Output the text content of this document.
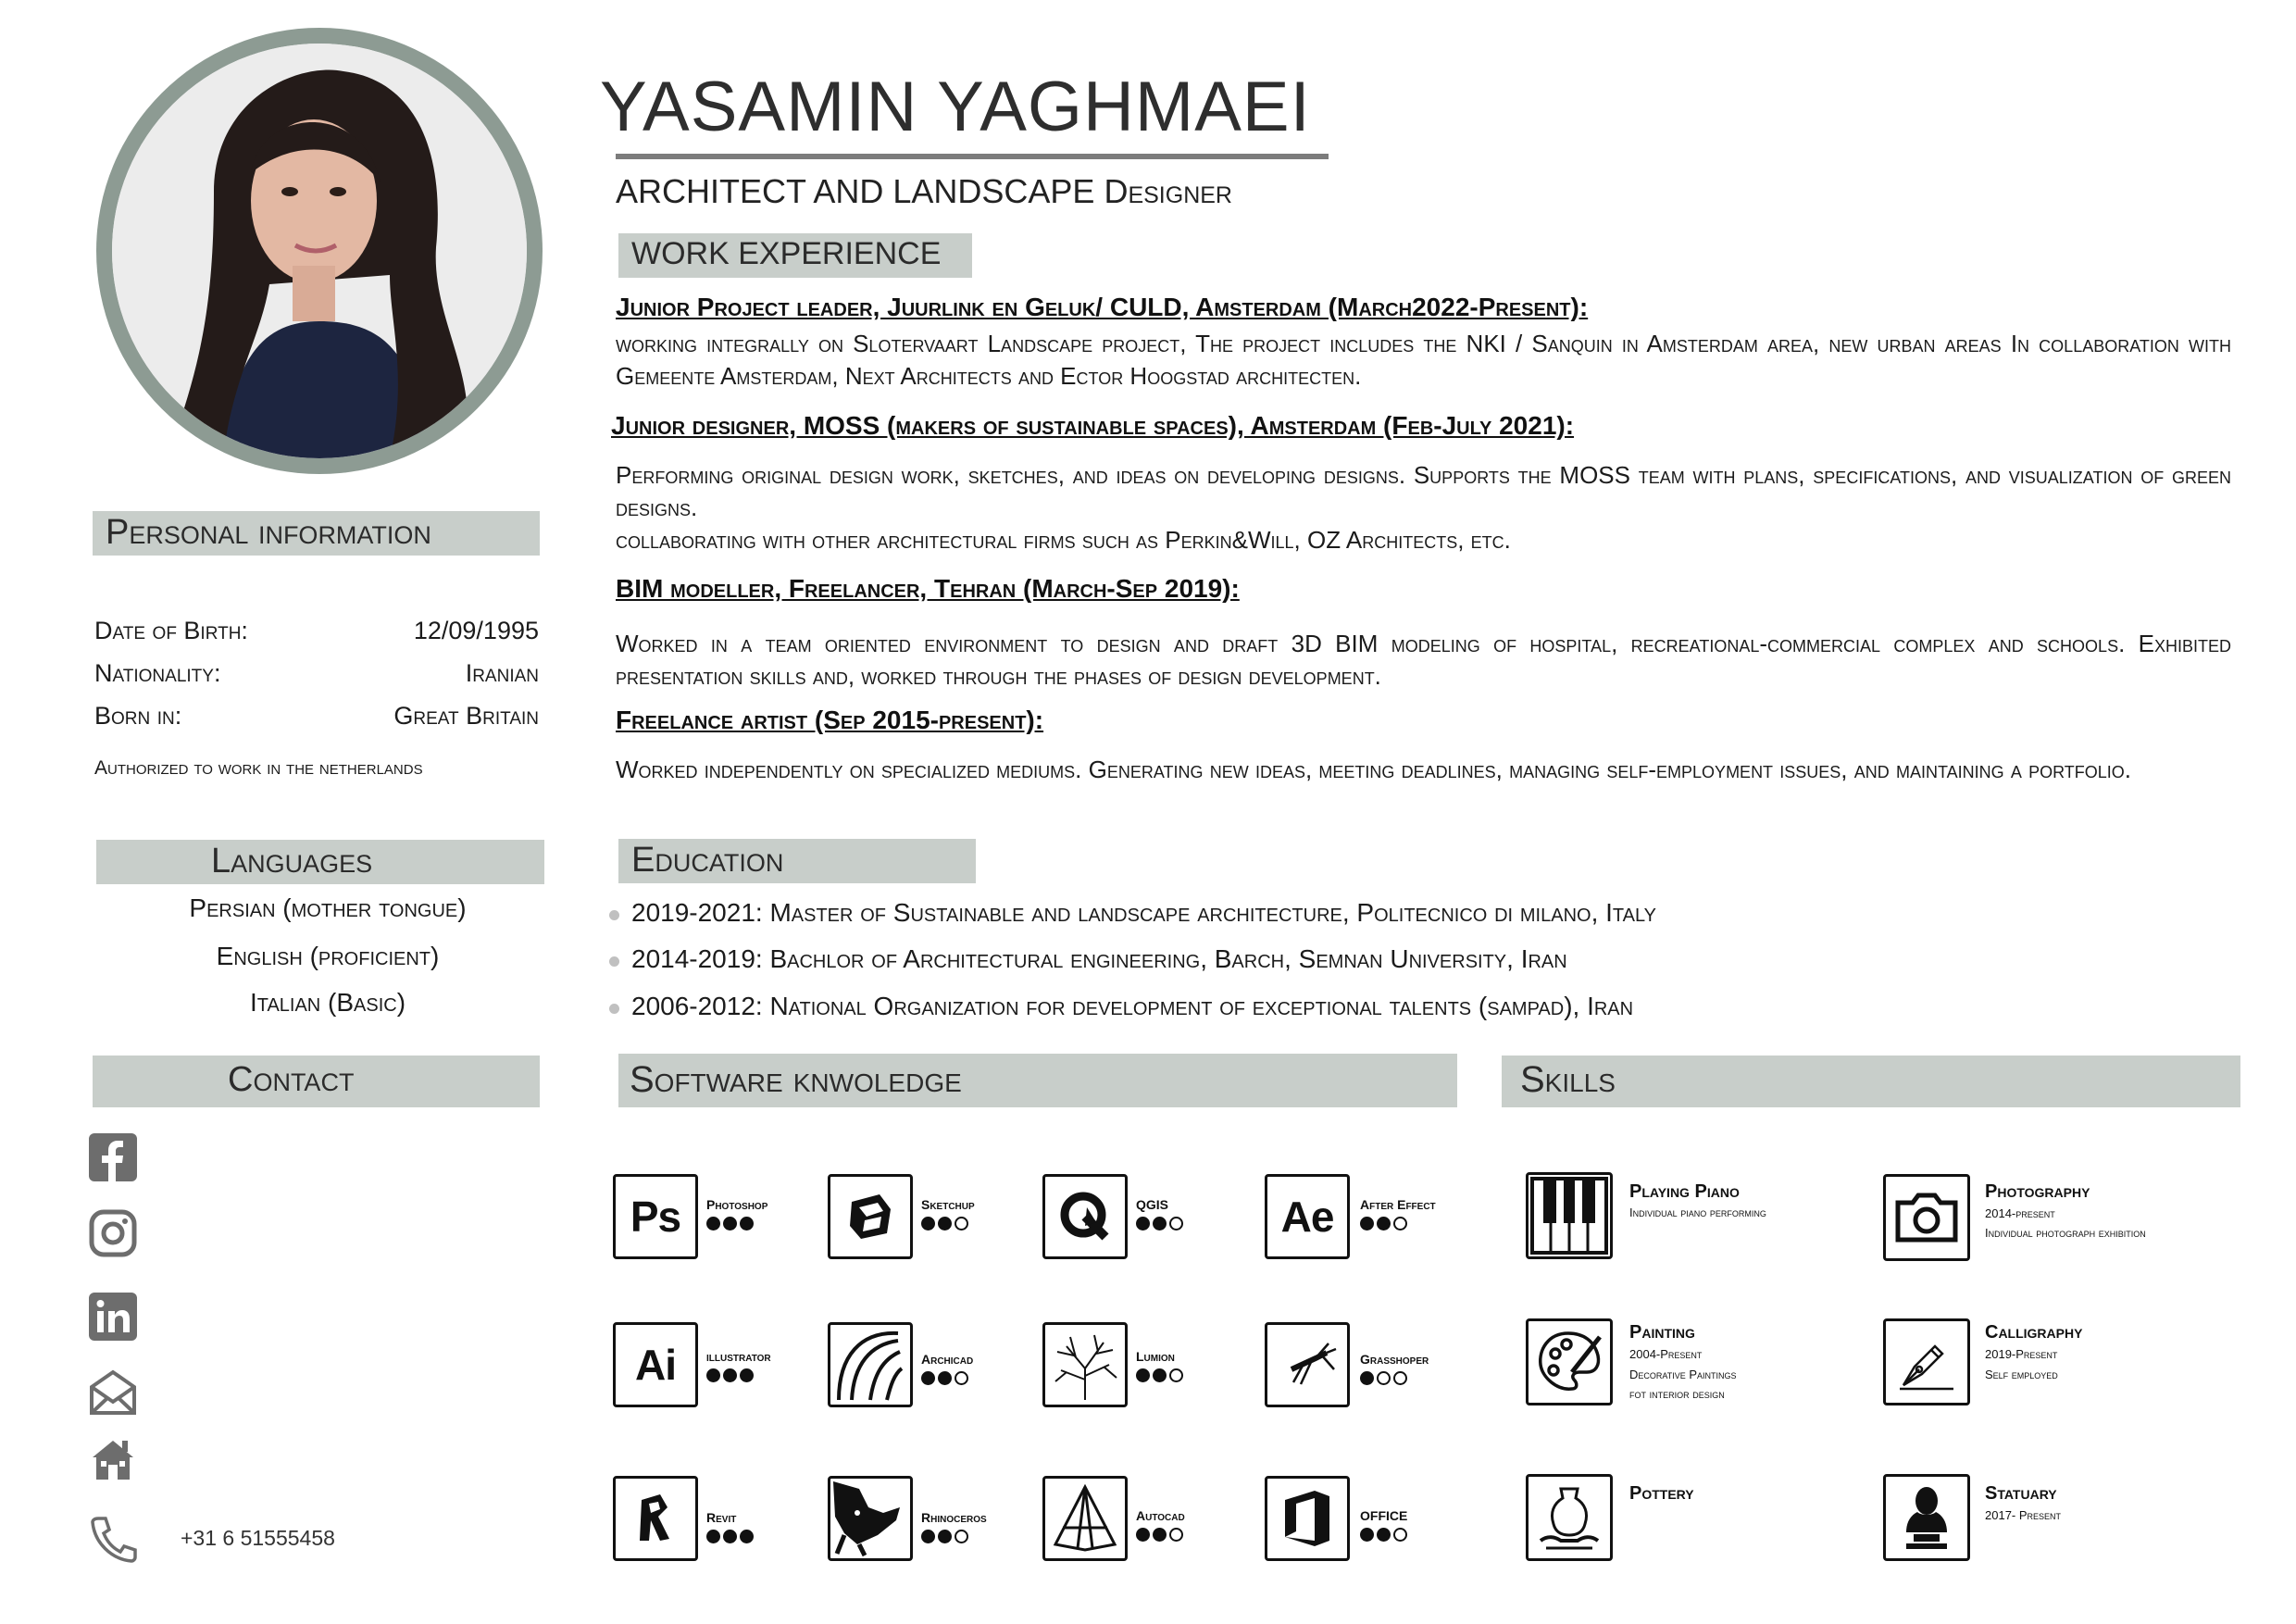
YASAMIN YAGHMAEI
ARCHITECT AND LANDSCAPE Designer
WORK EXPERIENCE
Junior Project leader, Juurlink en Geluk/ CULD, Amsterdam (March2022-Present):
working integrally on Slotervaart Landscape project, The project includes the NKI / Sanquin in Amsterdam area, new urban areas In collaboration with Gemeente Amsterdam, Next Architects and Ector Hoogstad architecten.
Junior designer, MOSS (makers of sustainable spaces), Amsterdam (Feb-July 2021):
Performing original design work, sketches, and ideas on developing designs. Supports the MOSS team with plans, specifications, and visualization of green designs.
collaborating with other architectural firms such as Perkin&Will, OZ Architects, etc.
BIM modeller, Freelancer, Tehran (March-Sep 2019):
Worked in a team oriented environment to design and draft 3D BIM modeling of hospital, recreational-commercial complex and schools. Exhibited presentation skills and, worked through the phases of design development.
Freelance artist (Sep 2015-present):
Worked independently on specialized mediums. Generating new ideas, meeting deadlines, managing self-employment issues, and maintaining a portfolio.
Education
2019-2021: Master of Sustainable and landscape architecture, Politecnico di milano, Italy
2014-2019: Bachlor of Architectural engineering, Barch, Semnan University, Iran
2006-2012: National Organization for development of exceptional talents (sampad), Iran
Personal information
Date of Birth:	12/09/1995
Nationality:	Iranian
Born in:	Great Britain
Authorized to work in the netherlands
Languages
Persian (mother tongue)
English (proficient)
Italian (Basic)
Contact
+31 6 51555458
Software knwoledge
Ps Photoshop	Sketchup	QGIS	Ae After Effect
Ai illustrator	Archicad	Lumion	Grasshoper
Revit	Rhinoceros	Autocad	OFFICE
Skills
Playing Piano
Individual piano performing
Photography
2014-present
Individual photograph exhibition
Painting
2004-Present
Decorative Paintings
fot interior design
Calligraphy
2019-Present
Self employed
Pottery	Statuary
2017- Present
